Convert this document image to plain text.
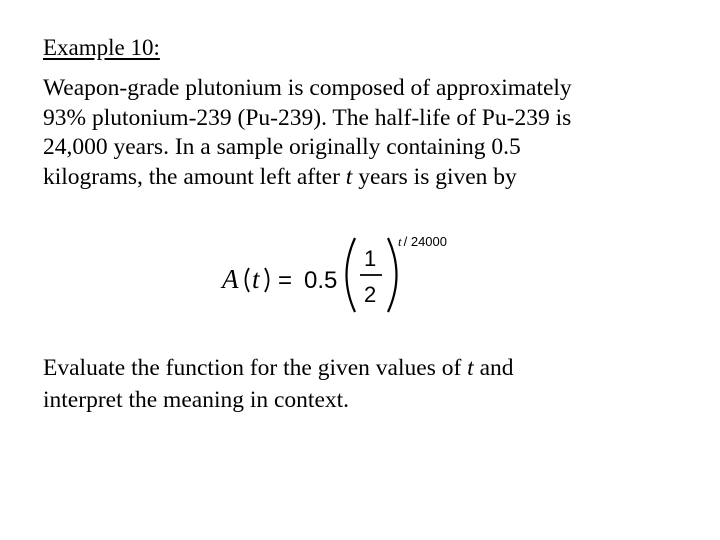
Example 10:
Weapon-grade plutonium is composed of approximately
93% plutonium-239 (Pu-239). The half-life of Pu-239 is
24,000 years. In a sample originally containing 0.5
kilograms, the amount left after t years is given by
A t = 0.5
1
2
t / 24000
Evaluate the function for the given values of t and
interpret the meaning in context.
